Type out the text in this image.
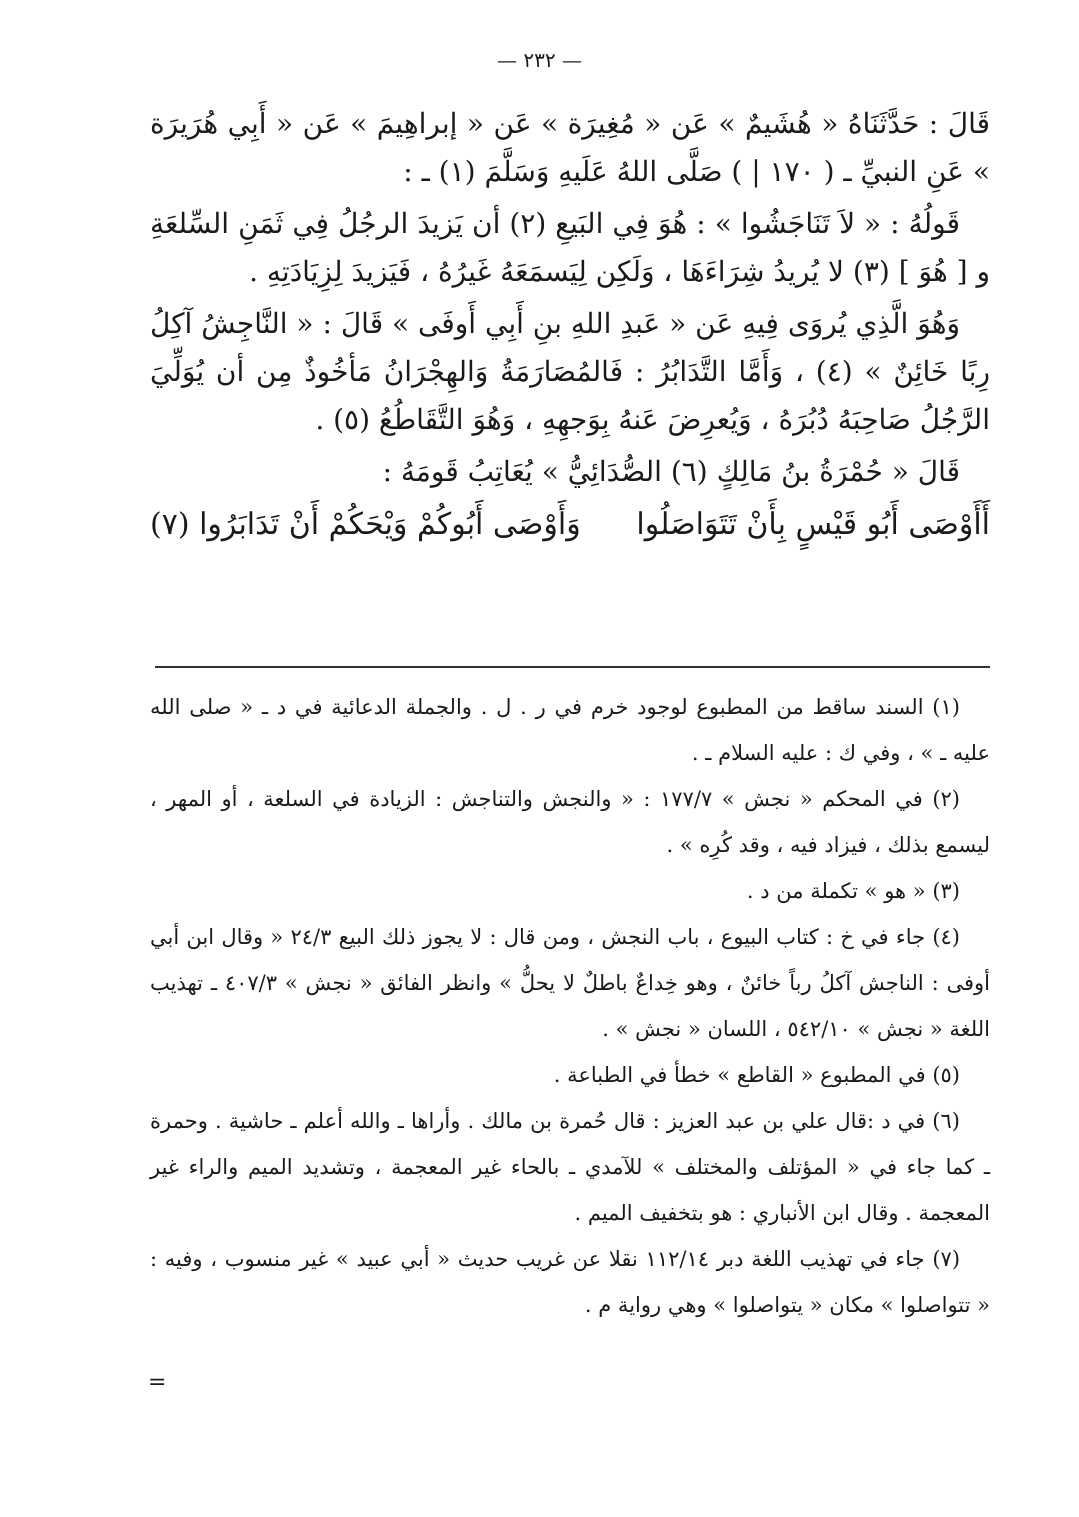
— ٢٣٢ —

قَالَ : حَدَّثَنَاهُ « هُشَيمٌ » عَن « مُغِيرَة » عَن « إبراهِيمَ » عَن « أَبِي هُرَيرَة » عَنِ النبيِّ ـ ( ١٧٠ | ) صَلَّى اللهُ عَلَيهِ وَسَلَّمَ (١) ـ :

قَولُهُ : « لاَ تَنَاجَشُوا » : هُوَ فِي البَيعِ (٢) أن يَزيدَ الرجُلُ فِي ثَمَنِ السِّلعَةِ و [ هُوَ ] (٣) لا يُريدُ شِرَاءَهَا ، وَلَكِن لِيَسمَعَهُ غَيرُهُ ، فَيَزيدَ لِزِيَادَتِهِ .

وَهُوَ الَّذِي يُروَى فِيهِ عَن « عَبدِ اللهِ بنِ أَبِي أَوفَى » قَالَ : « النَّاجِشُ آكِلُ رِبًا خَائِنٌ » (٤) ، وَأَمَّا التَّدَابُرُ : فَالمُصَارَمَةُ وَالهِجْرَانُ مَأخُوذٌ مِن أن يُوَلِّيَ الرَّجُلُ صَاحِبَهُ دُبُرَهُ ، وَيُعرِضَ عَنهُ بِوَجهِهِ ، وَهُوَ التَّقَاطُعُ (٥) .

قَالَ « حُمْرَةُ بنُ مَالِكٍ (٦) الصُّدَائِيُّ » يُعَاتِبُ قَومَهُ :

أَأَوْصَى أَبُو قَيْسٍ بِأَنْ تَتَوَاصَلُوا
وَأَوْصَى أَبُوكُمْ وَيْحَكُمْ أَنْ تَدَابَرُوا (٧)

(١) السند ساقط من المطبوع لوجود خرم في ر . ل . والجملة الدعائية في د ـ « صلى الله عليه ـ » ، وفي ك : عليه السلام ـ .

(٢) في المحكم « نجش » ١٧٧/٧ : « والنجش والتناجش : الزيادة في السلعة ، أو المهر ، ليسمع بذلك ، فيزاد فيه ، وقد كُرِه » .

(٣) « هو » تكملة من د .

(٤) جاء في خ : كتاب البيوع ، باب النجش ، ومن قال : لا يجوز ذلك البيع ٢٤/٣ « وقال ابن أبي أوفى : الناجش آكلُ رباً خائنٌ ، وهو خِداعٌ باطلٌ لا يحلُّ » وانظر الفائق « نجش » ٤٠٧/٣ ـ تهذيب اللغة « نجش » ٥٤٢/١٠ ، اللسان « نجش » .

(٥) في المطبوع « القاطع » خطأ في الطباعة .

(٦) في د :قال علي بن عبد العزيز : قال حُمرة بن مالك . وأراها ـ والله أعلم ـ حاشية . وحمرة ـ كما جاء في « المؤتلف والمختلف » للآمدي ـ بالحاء غير المعجمة ، وتشديد الميم والراء غير المعجمة . وقال ابن الأنباري : هو بتخفيف الميم .

(٧) جاء في تهذيب اللغة دبر ١١٢/١٤ نقلا عن غريب حديث « أبي عبيد » غير منسوب ، وفيه : « تتواصلوا » مكان « يتواصلوا » وهي رواية م .

=
